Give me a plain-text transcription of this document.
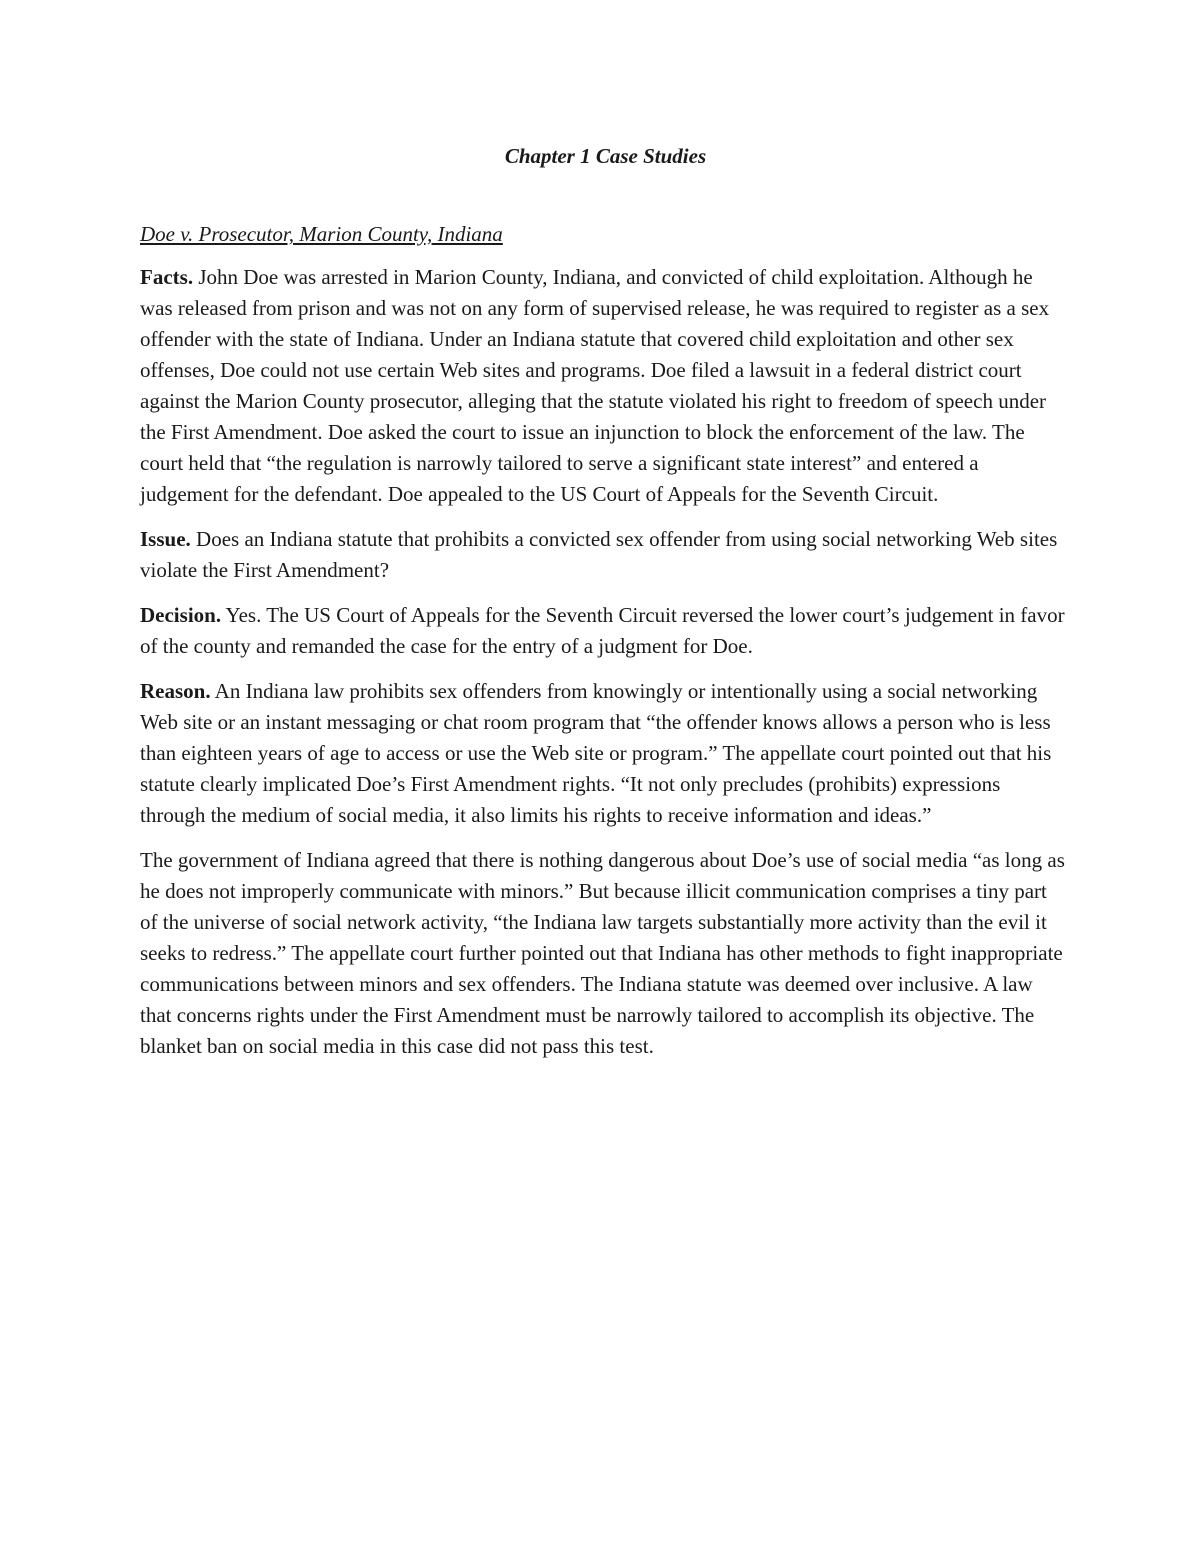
Chapter 1 Case Studies
Doe v. Prosecutor, Marion County, Indiana

Facts. John Doe was arrested in Marion County, Indiana, and convicted of child exploitation. Although he was released from prison and was not on any form of supervised release, he was required to register as a sex offender with the state of Indiana. Under an Indiana statute that covered child exploitation and other sex offenses, Doe could not use certain Web sites and programs. Doe filed a lawsuit in a federal district court against the Marion County prosecutor, alleging that the statute violated his right to freedom of speech under the First Amendment. Doe asked the court to issue an injunction to block the enforcement of the law. The court held that “the regulation is narrowly tailored to serve a significant state interest” and entered a judgement for the defendant. Doe appealed to the US Court of Appeals for the Seventh Circuit.

Issue. Does an Indiana statute that prohibits a convicted sex offender from using social networking Web sites violate the First Amendment?

Decision. Yes. The US Court of Appeals for the Seventh Circuit reversed the lower court’s judgement in favor of the county and remanded the case for the entry of a judgment for Doe.

Reason. An Indiana law prohibits sex offenders from knowingly or intentionally using a social networking Web site or an instant messaging or chat room program that “the offender knows allows a person who is less than eighteen years of age to access or use the Web site or program.” The appellate court pointed out that his statute clearly implicated Doe’s First Amendment rights. “It not only precludes (prohibits) expressions through the medium of social media, it also limits his rights to receive information and ideas.”

The government of Indiana agreed that there is nothing dangerous about Doe’s use of social media “as long as he does not improperly communicate with minors.” But because illicit communication comprises a tiny part of the universe of social network activity, “the Indiana law targets substantially more activity than the evil it seeks to redress.” The appellate court further pointed out that Indiana has other methods to fight inappropriate communications between minors and sex offenders. The Indiana statute was deemed over inclusive. A law that concerns rights under the First Amendment must be narrowly tailored to accomplish its objective. The blanket ban on social media in this case did not pass this test.
